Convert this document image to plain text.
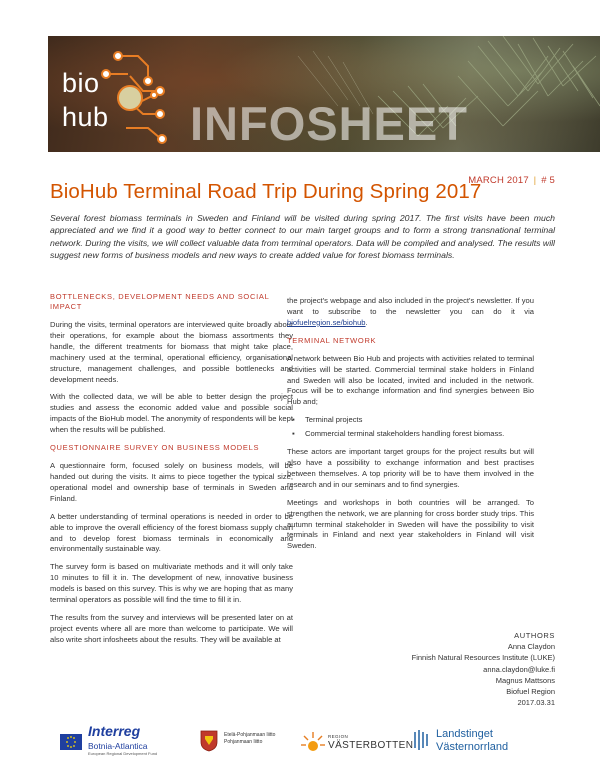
bio
hub INFOSHEET
MARCH 2017 | # 5
BioHub Terminal Road Trip During Spring 2017

Several forest biomass terminals in Sweden and Finland will be visited during spring 2017. The first visits have been much appreciated and we find it a good way to better connect to our main target groups and to form a strong transnational terminal network. During the visits, we will collect valuable data from terminal operators. Data will be compiled and analysed. The results will suggest new forms of business models and new ways to create added value for forest biomass terminals.

BOTTLENECKS, DEVELOPMENT NEEDS AND SOCIAL IMPACT

During the visits, terminal operators are interviewed quite broadly about their operations, for example about the biomass assortments they handle, the different treatments for biomass that might take place, machinery used at the terminal, operational efficiency, organisational structure, management challenges, and possible bottlenecks and development needs.

With the collected data, we will be able to better design the project studies and assess the economic added value and possible social impacts of the BioHub model. The anonymity of respondents will be kept when the results will be published.

QUESTIONNAIRE SURVEY ON BUSINESS MODELS

A questionnaire form, focused solely on business models, will be handed out during the visits. It aims to piece together the typical size, operational model and ownership base of terminals in Sweden and Finland.

A better understanding of terminal operations is needed in order to be able to improve the overall efficiency of the forest biomass supply chain and to develop forest biomass terminals in economically and environmentally sustainable way.

The survey form is based on multivariate methods and it will only take 10 minutes to fill it in. The development of new, innovative business models is based on this survey. This is why we are hoping that as many terminal operators as possible will find the time to fill it in.

The results from the survey and interviews will be presented later on at project events where all are more than welcome to participate. We will also write short infosheets about the results. They will be available at

the project's webpage and also included in the project's newsletter. If you want to subscribe to the newsletter you can do it via biofuelregion.se/biohub.

TERMINAL NETWORK

A network between Bio Hub and projects with activities related to terminal activities will be started. Commercial terminal stake holders in Finland and Sweden will also be located, invited and included in the network. Focus will be to exchange information and find synergies between Bio Hub and;

▪ Terminal projects
▪ Commercial terminal stakeholders handling forest biomass.

These actors are important target groups for the project results but will also have a possibility to exchange information and best practises between themselves. A top priority will be to have them involved in the research and in our seminars and to find synergies.

Meetings and workshops in both countries will be arranged. To strengthen the network, we are planning for cross border study trips. This autumn terminal stakeholder in Sweden will have the possibility to visit terminals in Finland and next year stakeholders in Finland will visit Sweden.

AUTHORS
Anna Claydon
Finnish Natural Resources Institute (LUKE)
anna.claydon@luke.fi
Magnus Mattsons
Biofuel Region
2017.03.31
Interreg
Botnia-Atlantica
European Regional Development Fund
Etelä-Pohjanmaan liitto
Pohjanmaan liitto
REGION
VÄSTERBOTTEN
Landstinget
Västernorrland
